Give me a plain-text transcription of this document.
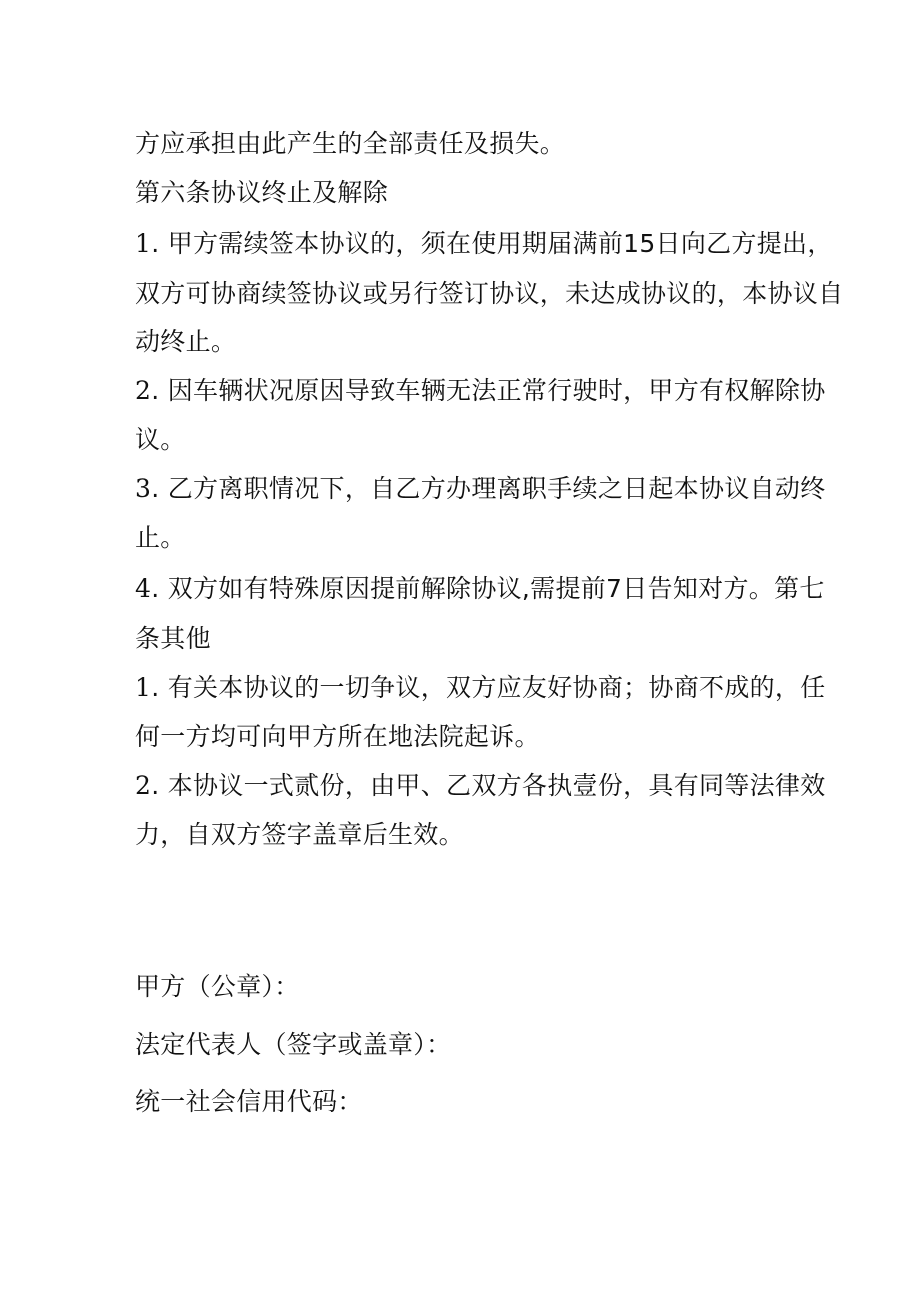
方应承担由此产生的全部责任及损失。

第六条协议终止及解除

1. 甲方需续签本协议的，须在使用期届满前15日向乙方提出，

双方可协商续签协议或另行签订协议，未达成协议的，本协议自

动终止。

2. 因车辆状况原因导致车辆无法正常行驶时，甲方有权解除协

议。

3. 乙方离职情况下，自乙方办理离职手续之日起本协议自动终

止。

4. 双方如有特殊原因提前解除协议,需提前7日告知对方。第七

条其他

1. 有关本协议的一切争议，双方应友好协商；协商不成的，任

何一方均可向甲方所在地法院起诉。

2. 本协议一式贰份，由甲、乙双方各执壹份，具有同等法律效

力，自双方签字盖章后生效。

甲方（公章）：

法定代表人（签字或盖章）：

统一社会信用代码：
